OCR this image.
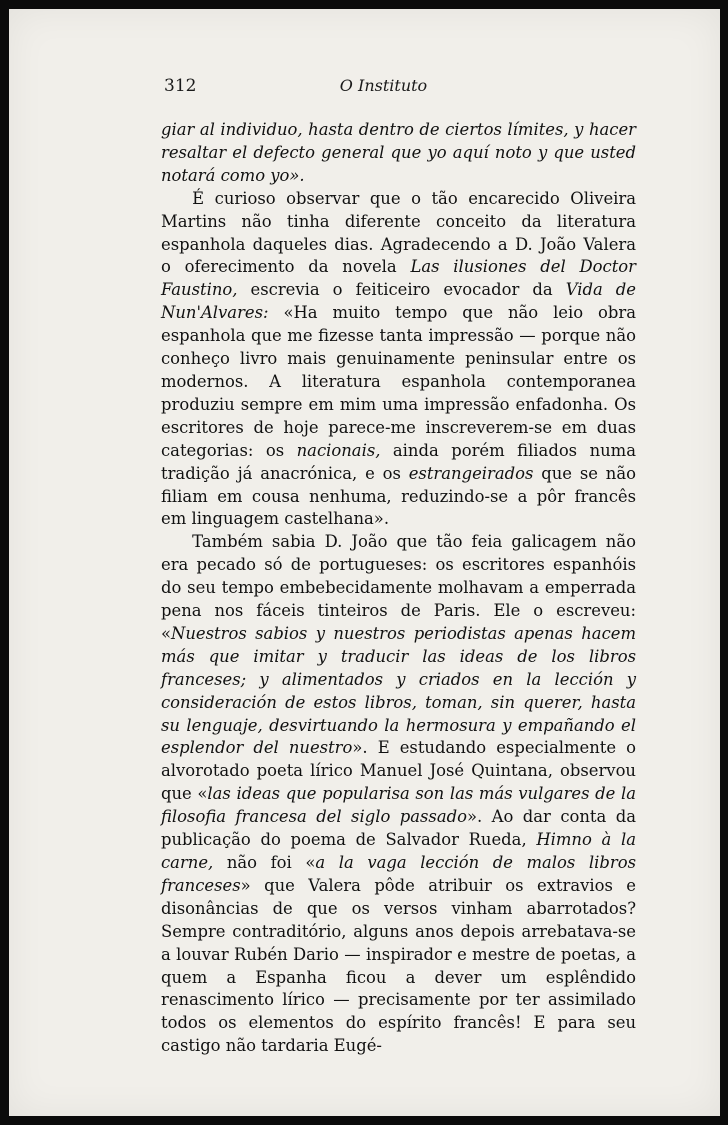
312	O Instituto

giar al individuo, hasta dentro de ciertos límites, y hacer resaltar el defecto general que yo aquí noto y que usted notará como yo».

É curioso observar que o tão encarecido Oliveira Martins não tinha diferente conceito da literatura espanhola daqueles dias. Agradecendo a D. João Valera o oferecimento da novela Las ilusiones del Doctor Faustino, escrevia o feiticeiro evocador da Vida de Nun'Alvares: «Ha muito tempo que não leio obra espanhola que me fizesse tanta impressão — porque não conheço livro mais genuinamente peninsular entre os modernos. A literatura espanhola contemporanea produziu sempre em mim uma impressão enfadonha. Os escritores de hoje parece-me inscreverem-se em duas categorias: os nacionais, ainda porém filiados numa tradição já anacrónica, e os estrangeirados que se não filiam em cousa nenhuma, reduzindo-se a pôr francês em linguagem castelhana».

Também sabia D. João que tão feia galicagem não era pecado só de portugueses: os escritores espanhóis do seu tempo embebecidamente molhavam a emperrada pena nos fáceis tinteiros de Paris. Ele o escreveu: «Nuestros sabios y nuestros periodistas apenas hacem más que imitar y traducir las ideas de los libros franceses; y alimentados y criados en la lección y consideración de estos libros, toman, sin querer, hasta su lenguaje, desvirtuando la hermosura y empañando el esplendor del nuestro». E estudando especialmente o alvorotado poeta lírico Manuel José Quintana, observou que «las ideas que popularisa son las más vulgares de la filosofia francesa del siglo passado». Ao dar conta da publicação do poema de Salvador Rueda, Himno à la carne, não foi «a la vaga lección de malos libros franceses» que Valera pôde atribuir os extravios e disonâncias de que os versos vinham abarrotados? Sempre contraditório, alguns anos depois arrebatava-se a louvar Rubén Dario — inspirador e mestre de poetas, a quem a Espanha ficou a dever um esplêndido renascimento lírico — precisamente por ter assimilado todos os elementos do espírito francês! E para seu castigo não tardaria Eugé-
